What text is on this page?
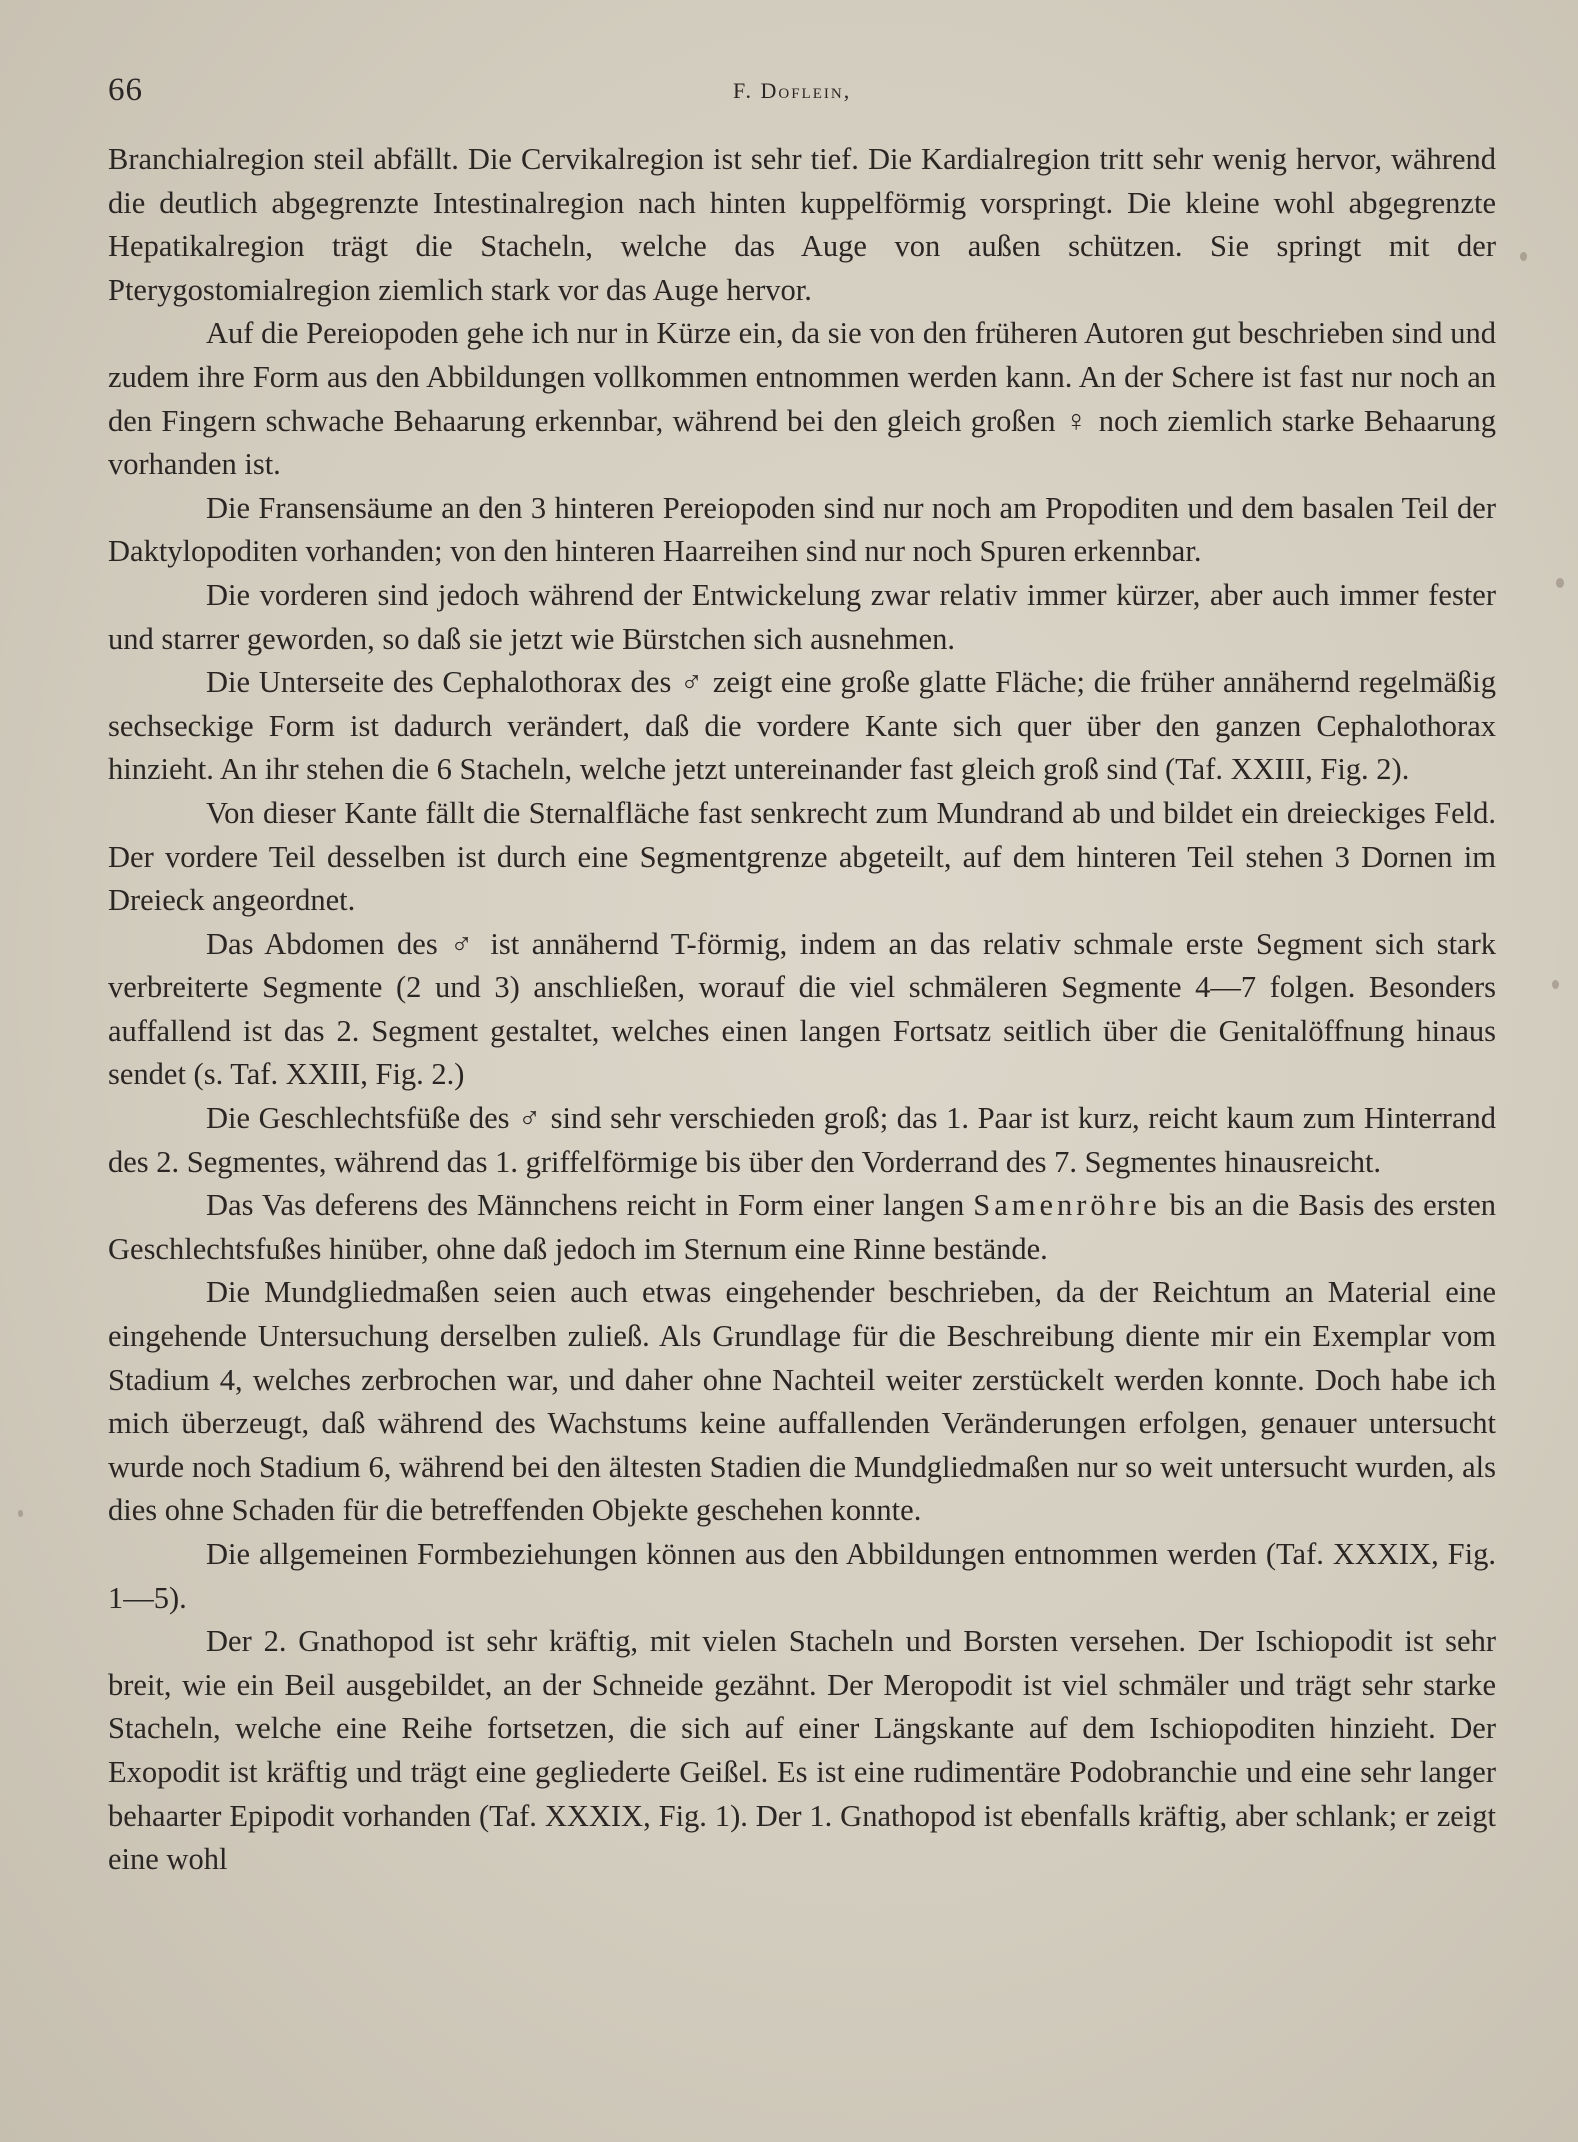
66	F. Doflein,

Branchialregion steil abfällt. Die Cervikalregion ist sehr tief. Die Kardialregion tritt sehr wenig hervor, während die deutlich abgegrenzte Intestinalregion nach hinten kuppelförmig vorspringt. Die kleine wohl abgegrenzte Hepatikalregion trägt die Stacheln, welche das Auge von außen schützen. Sie springt mit der Pterygostomialregion ziemlich stark vor das Auge hervor.

Auf die Pereiopoden gehe ich nur in Kürze ein, da sie von den früheren Autoren gut beschrieben sind und zudem ihre Form aus den Abbildungen vollkommen entnommen werden kann. An der Schere ist fast nur noch an den Fingern schwache Behaarung erkennbar, während bei den gleich großen ♀ noch ziemlich starke Behaarung vorhanden ist.

Die Fransensäume an den 3 hinteren Pereiopoden sind nur noch am Propoditen und dem basalen Teil der Daktylopoditen vorhanden; von den hinteren Haarreihen sind nur noch Spuren erkennbar.

Die vorderen sind jedoch während der Entwickelung zwar relativ immer kürzer, aber auch immer fester und starrer geworden, so daß sie jetzt wie Bürstchen sich ausnehmen.

Die Unterseite des Cephalothorax des ♂ zeigt eine große glatte Fläche; die früher annähernd regelmäßig sechseckige Form ist dadurch verändert, daß die vordere Kante sich quer über den ganzen Cephalothorax hinzieht. An ihr stehen die 6 Stacheln, welche jetzt untereinander fast gleich groß sind (Taf. XXIII, Fig. 2).

Von dieser Kante fällt die Sternalfläche fast senkrecht zum Mundrand ab und bildet ein dreieckiges Feld. Der vordere Teil desselben ist durch eine Segmentgrenze abgeteilt, auf dem hinteren Teil stehen 3 Dornen im Dreieck angeordnet.

Das Abdomen des ♂ ist annähernd T-förmig, indem an das relativ schmale erste Segment sich stark verbreiterte Segmente (2 und 3) anschließen, worauf die viel schmäleren Segmente 4—7 folgen. Besonders auffallend ist das 2. Segment gestaltet, welches einen langen Fortsatz seitlich über die Genitalöffnung hinaus sendet (s. Taf. XXIII, Fig. 2.)

Die Geschlechtsfüße des ♂ sind sehr verschieden groß; das 1. Paar ist kurz, reicht kaum zum Hinterrand des 2. Segmentes, während das 1. griffelförmige bis über den Vorderrand des 7. Segmentes hinausreicht.

Das Vas deferens des Männchens reicht in Form einer langen Samenröhre bis an die Basis des ersten Geschlechtsfußes hinüber, ohne daß jedoch im Sternum eine Rinne bestände.

Die Mundgliedmaßen seien auch etwas eingehender beschrieben, da der Reichtum an Material eine eingehende Untersuchung derselben zuließ. Als Grundlage für die Beschreibung diente mir ein Exemplar vom Stadium 4, welches zerbrochen war, und daher ohne Nachteil weiter zerstückelt werden konnte. Doch habe ich mich überzeugt, daß während des Wachstums keine auffallenden Veränderungen erfolgen, genauer untersucht wurde noch Stadium 6, während bei den ältesten Stadien die Mundgliedmaßen nur so weit untersucht wurden, als dies ohne Schaden für die betreffenden Objekte geschehen konnte.

Die allgemeinen Formbeziehungen können aus den Abbildungen entnommen werden (Taf. XXXIX, Fig. 1—5).

Der 2. Gnathopod ist sehr kräftig, mit vielen Stacheln und Borsten versehen. Der Ischiopodit ist sehr breit, wie ein Beil ausgebildet, an der Schneide gezähnt. Der Meropodit ist viel schmäler und trägt sehr starke Stacheln, welche eine Reihe fortsetzen, die sich auf einer Längskante auf dem Ischiopoditen hinzieht. Der Exopodit ist kräftig und trägt eine gegliederte Geißel. Es ist eine rudimentäre Podobranchie und eine sehr langer behaarter Epipodit vorhanden (Taf. XXXIX, Fig. 1). Der 1. Gnathopod ist ebenfalls kräftig, aber schlank; er zeigt eine wohl
